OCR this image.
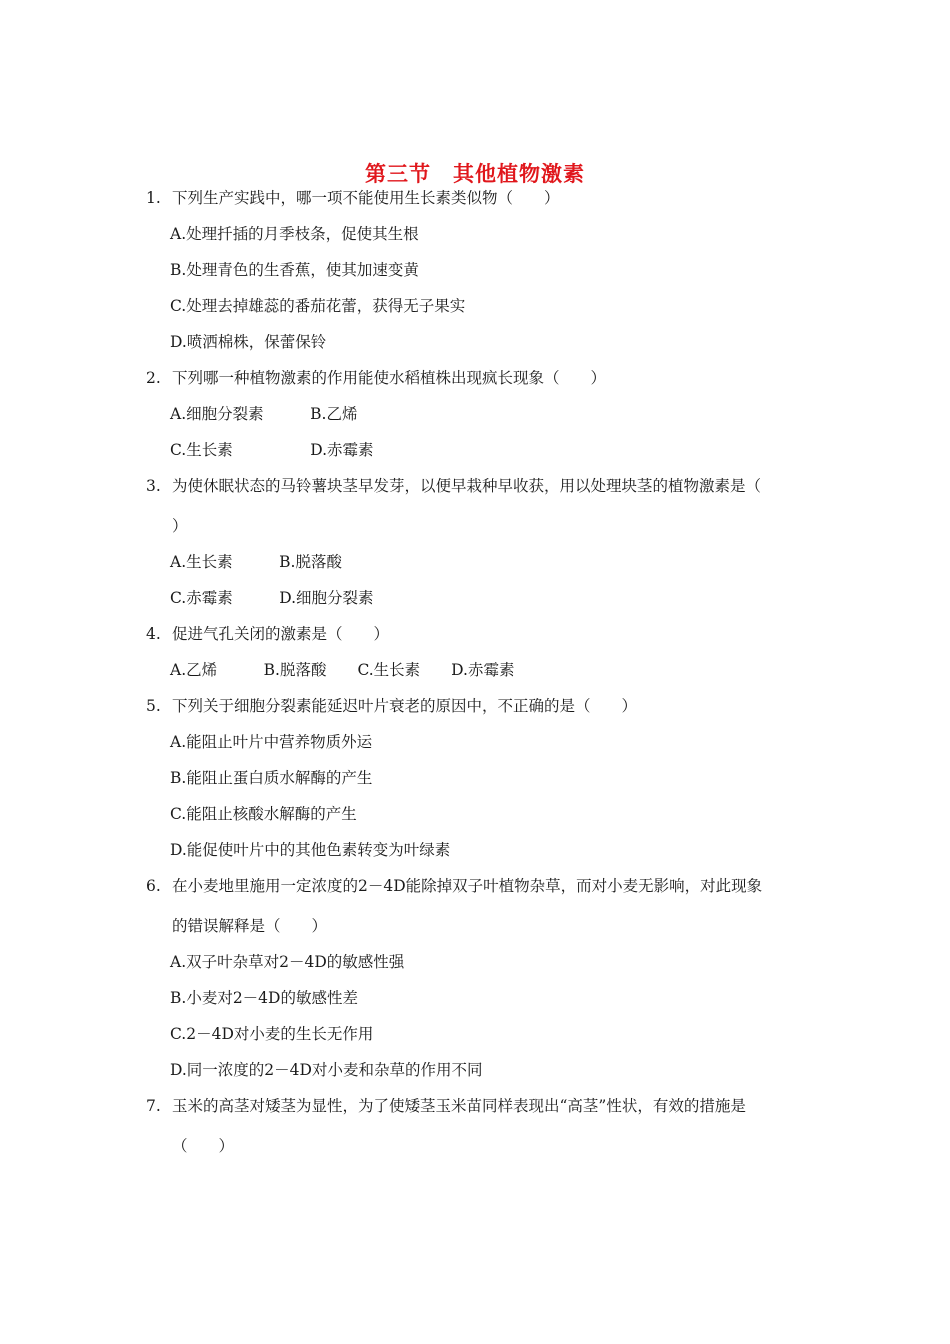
第三节　其他植物激素
1. 下列生产实践中，哪一项不能使用生长素类似物（　　）
A.处理扦插的月季枝条，促使其生根
B.处理青色的生香蕉，使其加速变黄
C.处理去掉雄蕊的番茄花蕾，获得无子果实
D.喷洒棉株，保蕾保铃
2. 下列哪一种植物激素的作用能使水稻植株出现疯长现象（　　）
A.细胞分裂素　　　B.乙烯
C.生长素　　　　　D.赤霉素
3. 为使休眠状态的马铃薯块茎早发芽，以便早栽种早收获，用以处理块茎的植物激素是（
）
A.生长素　　　B.脱落酸
C.赤霉素　　　D.细胞分裂素
4. 促进气孔关闭的激素是（　　）
A.乙烯　　　B.脱落酸　　C.生长素　　D.赤霉素
5. 下列关于细胞分裂素能延迟叶片衰老的原因中，不正确的是（　　）
A.能阻止叶片中营养物质外运
B.能阻止蛋白质水解酶的产生
C.能阻止核酸水解酶的产生
D.能促使叶片中的其他色素转变为叶绿素
6. 在小麦地里施用一定浓度的2－4D能除掉双子叶植物杂草，而对小麦无影响，对此现象
的错误解释是（　　）
A.双子叶杂草对2－4D的敏感性强
B.小麦对2－4D的敏感性差
C.2－4D对小麦的生长无作用
D.同一浓度的2－4D对小麦和杂草的作用不同
7. 玉米的高茎对矮茎为显性，为了使矮茎玉米苗同样表现出“高茎”性状，有效的措施是
（　　）
